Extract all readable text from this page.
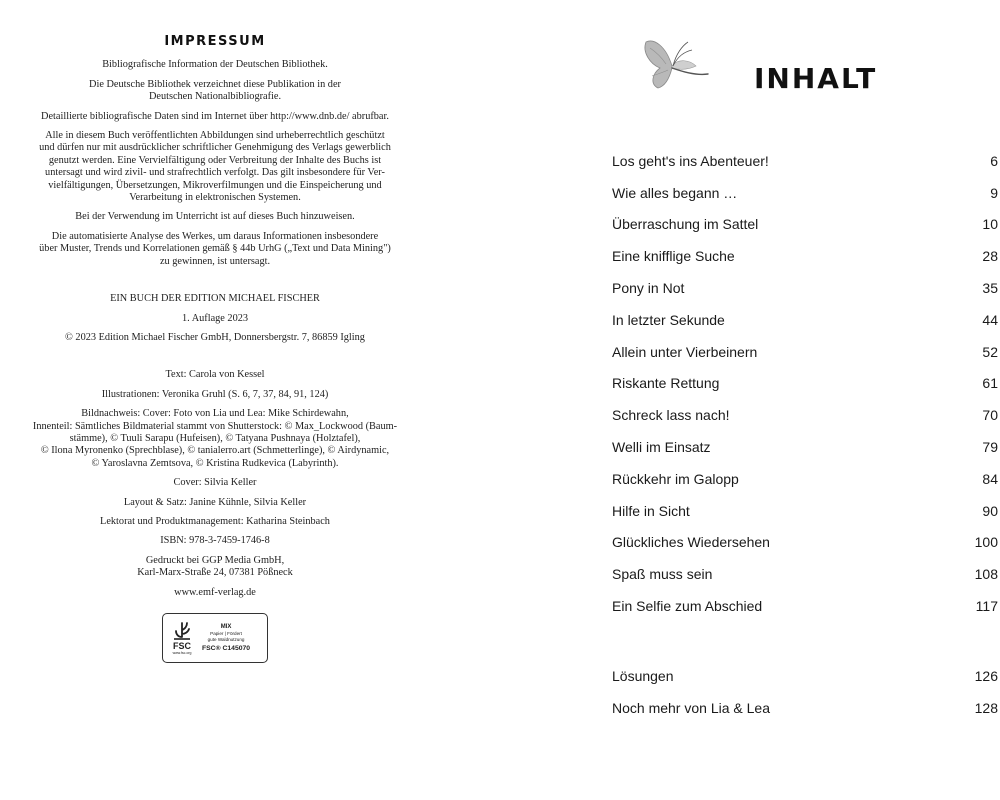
IMPRESSUM

Bibliografische Information der Deutschen Bibliothek.

Die Deutsche Bibliothek verzeichnet diese Publikation in der
Deutschen Nationalbibliografie.

Detaillierte bibliografische Daten sind im Internet über http://www.dnb.de/ abrufbar.

Alle in diesem Buch veröffentlichten Abbildungen sind urheberrechtlich geschützt
und dürfen nur mit ausdrücklicher schriftlicher Genehmigung des Verlags gewerblich
genutzt werden. Eine Vervielfältigung oder Verbreitung der Inhalte des Buchs ist
untersagt und wird zivil- und strafrechtlich verfolgt. Das gilt insbesondere für Ver-
vielfältigungen, Übersetzungen, Mikroverfilmungen und die Einspeicherung und
Verarbeitung in elektronischen Systemen.

Bei der Verwendung im Unterricht ist auf dieses Buch hinzuweisen.

Die automatisierte Analyse des Werkes, um daraus Informationen insbesondere
über Muster, Trends und Korrelationen gemäß § 44b UrhG („Text und Data Mining")
zu gewinnen, ist untersagt.

EIN BUCH DER EDITION MICHAEL FISCHER

1. Auflage 2023

© 2023 Edition Michael Fischer GmbH, Donnersbergstr. 7, 86859 Igling

Text: Carola von Kessel

Illustrationen: Veronika Gruhl (S. 6, 7, 37, 84, 91, 124)

Bildnachweis: Cover: Foto von Lia und Lea: Mike Schirdewahn,
Innenteil: Sämtliches Bildmaterial stammt von Shutterstock: © Max_Lockwood (Baum-
stämme), © Tuuli Sarapu (Hufeisen), © Tatyana Pushnaya (Holztafel),
© Ilona Myronenko (Sprechblase), © tanialerro.art (Schmetterlinge), © Airdynamic,
© Yaroslavna Zemtsova, © Kristina Rudkevica (Labyrinth).

Cover: Silvia Keller

Layout & Satz: Janine Kühnle, Silvia Keller

Lektorat und Produktmanagement: Katharina Steinbach

ISBN: 978-3-7459-1746-8

Gedruckt bei GGP Media GmbH,
Karl-Marx-Straße 24, 07381 Pößneck

www.emf-verlag.de

FSC
www.fsc.org
MIX
Papier | Fördert
gute Waldnutzung
FSC® C145070
INHALT
Los geht's ins Abenteuer!	6
Wie alles begann …	9
Überraschung im Sattel	10
Eine knifflige Suche	28
Pony in Not	35
In letzter Sekunde	44
Allein unter Vierbeinern	52
Riskante Rettung	61
Schreck lass nach!	70
Welli im Einsatz	79
Rückkehr im Galopp	84
Hilfe in Sicht	90
Glückliches Wiedersehen	100
Spaß muss sein	108
Ein Selfie zum Abschied	117
Lösungen	126
Noch mehr von Lia & Lea	128
